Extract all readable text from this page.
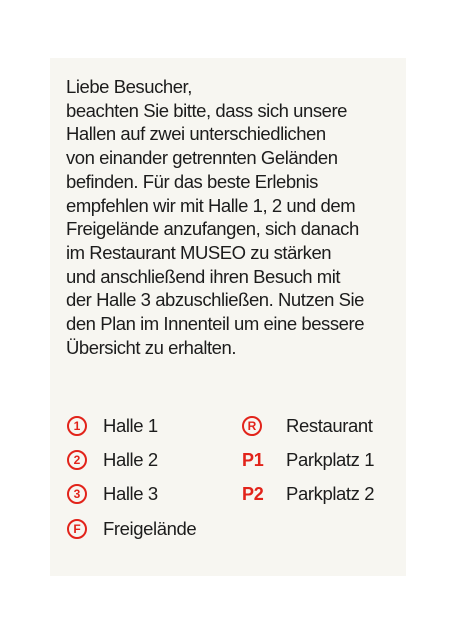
Liebe Besucher,
beachten Sie bitte, dass sich unsere
Hallen auf zwei unterschiedlichen
von einander getrennten Geländen
befinden. Für das beste Erlebnis
empfehlen wir mit Halle 1, 2 und dem
Freigelände anzufangen, sich danach
im Restaurant MUSEO zu stärken
und anschließend ihren Besuch mit
der Halle 3 abzuschließen. Nutzen Sie
den Plan im Innenteil um eine bessere
Übersicht zu erhalten.

1	Halle 1
2	Halle 2
3	Halle 3
F	Freigelände
R	Restaurant
P1	Parkplatz 1
P2	Parkplatz 2
